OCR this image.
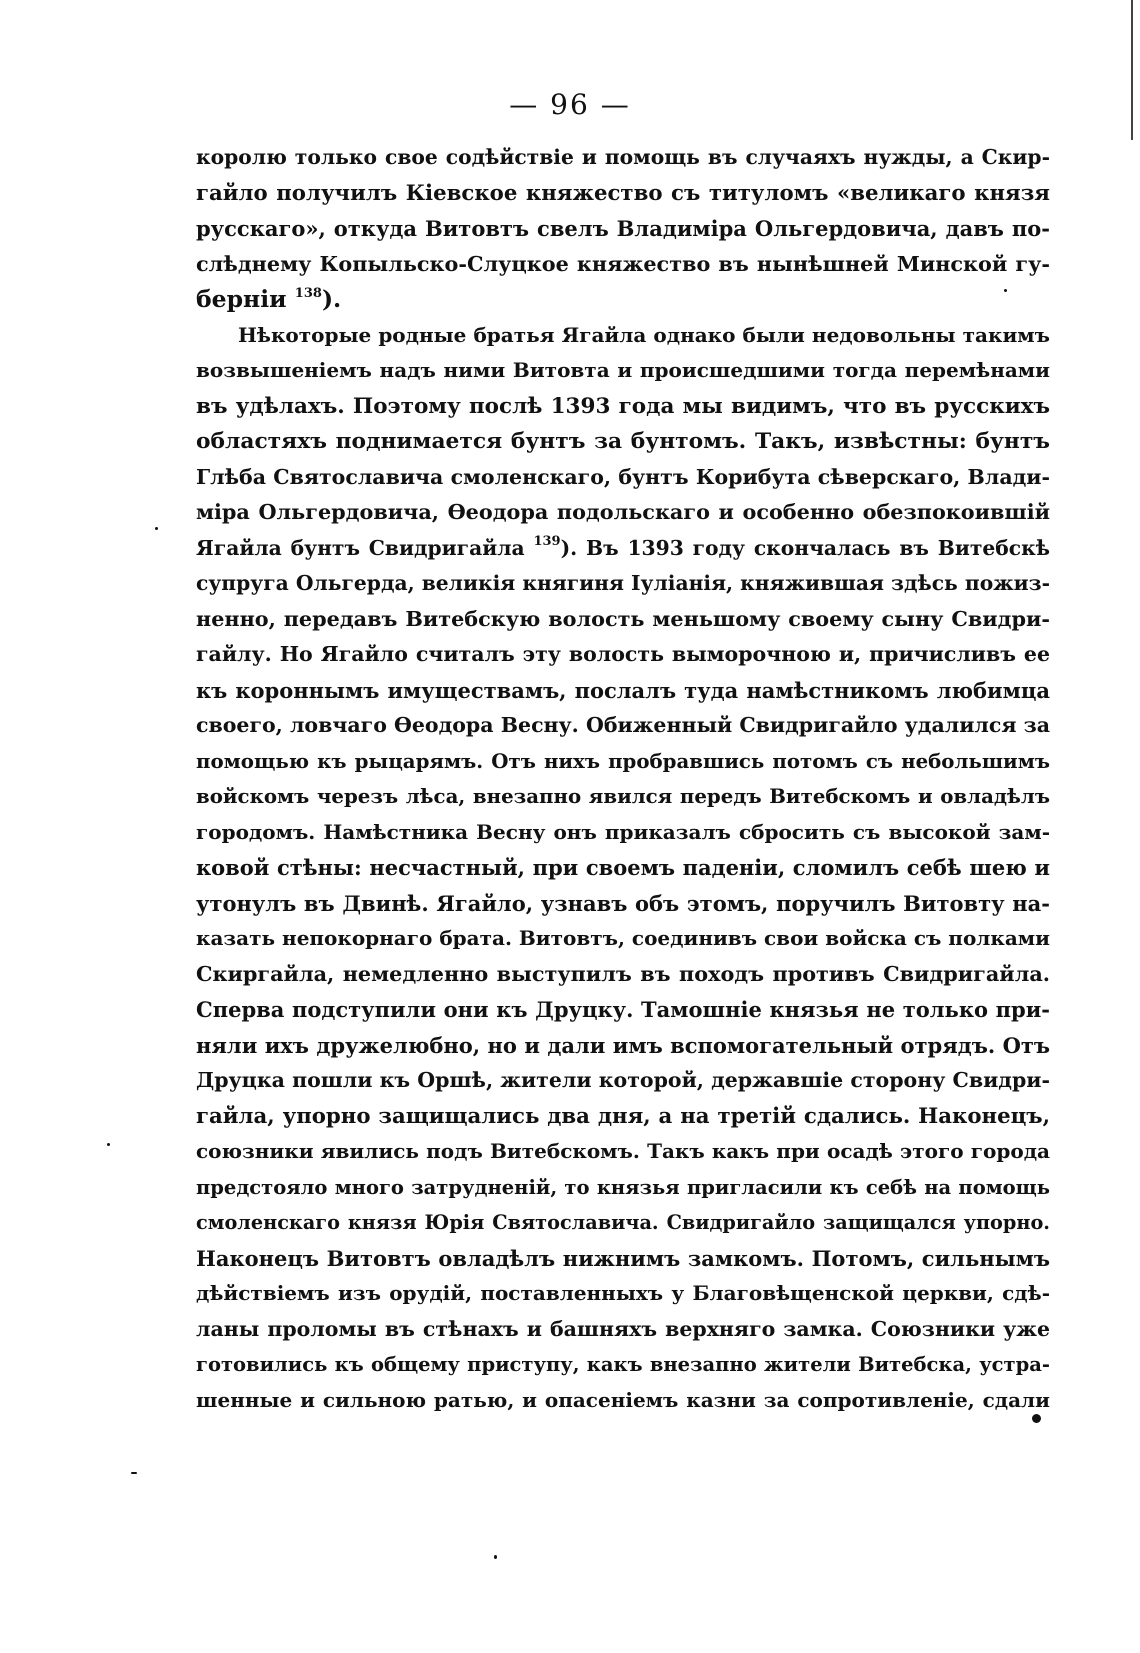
— 96 —
королю только свое содѣйствіе и помощь въ случаяхъ нужды, а Скир-
гайло получилъ Кіевское княжество съ титуломъ «великаго князя
русскаго», откуда Витовтъ свелъ Владиміра Ольгердовича, давъ по-
слѣднему Копыльско-Слуцкое княжество въ нынѣшней Минской гу-
берніи $^{138}$).
Нѣкоторые родные братья Ягайла однако были недовольны такимъ
возвышеніемъ надъ ними Витовта и происшедшими тогда перемѣнами
въ удѣлахъ. Поэтому послѣ 1393 года мы видимъ, что въ русскихъ
областяхъ поднимается бунтъ за бунтомъ. Такъ, извѣстны: бунтъ
Глѣба Святославича смоленскаго, бунтъ Корибута сѣверскаго, Влади-
міра Ольгердовича, Ѳеодора подольскаго и особенно обезпокоившій
Ягайла бунтъ Свидригайла $^{139}$). Въ 1393 году скончалась въ Витебскѣ
супруга Ольгерда, великія княгиня Іуліанія, княжившая здѣсь пожиз-
ненно, передавъ Витебскую волость меньшому своему сыну Свидри-
гайлу. Но Ягайло считалъ эту волость выморочною и, причисливъ ее
къ короннымъ имуществамъ, послалъ туда намѣстникомъ любимца
своего, ловчаго Ѳеодора Весну. Обиженный Свидригайло удалился за
помощью къ рыцарямъ. Отъ нихъ пробравшись потомъ съ небольшимъ
войскомъ черезъ лѣса, внезапно явился передъ Витебскомъ и овладѣлъ
городомъ. Намѣстника Весну онъ приказалъ сбросить съ высокой зам-
ковой стѣны: несчастный, при своемъ паденіи, сломилъ себѣ шею и
утонулъ въ Двинѣ. Ягайло, узнавъ объ этомъ, поручилъ Витовту на-
казать непокорнаго брата. Витовтъ, соединивъ свои войска съ полками
Скиргайла, немедленно выступилъ въ походъ противъ Свидригайла.
Сперва подступили они къ Друцку. Тамошніе князья не только при-
няли ихъ дружелюбно, но и дали имъ вспомогательный отрядъ. Отъ
Друцка пошли къ Оршѣ, жители которой, державшіе сторону Свидри-
гайла, упорно защищались два дня, а на третій сдались. Наконецъ,
союзники явились подъ Витебскомъ. Такъ какъ при осадѣ этого города
предстояло много затрудненій, то князья пригласили къ себѣ на помощь
смоленскаго князя Юрія Святославича. Свидригайло защищался упорно.
Наконецъ Витовтъ овладѣлъ нижнимъ замкомъ. Потомъ, сильнымъ
дѣйствіемъ изъ орудій, поставленныхъ у Благовѣщенской церкви, сдѣ-
ланы проломы въ стѣнахъ и башняхъ верхняго замка. Союзники уже
готовились къ общему приступу, какъ внезапно жители Витебска, устра-
шенные и сильною ратью, и опасеніемъ казни за сопротивленіе, сдали
